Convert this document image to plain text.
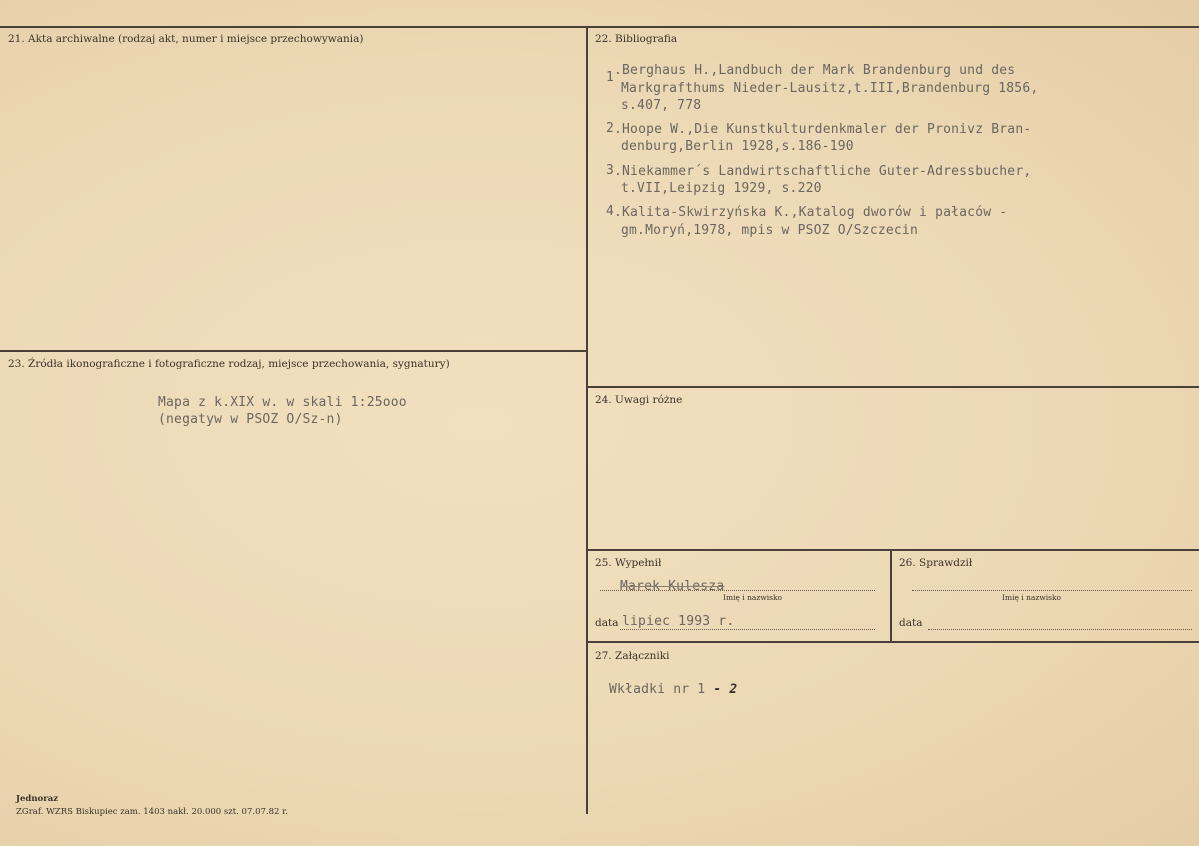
21. Akta archiwalne (rodzaj akt, numer i miejsce przechowywania)	22. Bibliografia
1 .Berghaus H.,Landbuch der Mark Brandenburg und des
Markgrafthums Nieder-Lausitz,t.III,Brandenburg 1856,
s.407, 778
2 .Hoope W.,Die Kunstkulturdenkmaler der Pronivz Bran-
denburg,Berlin 1928,s.186-190
3 .Niekammer´s Landwirtschaftliche Guter-Adressbucher,
t.VII,Leipzig 1929, s.220
4 .Kalita-Skwirzyńska K.,Katalog dworów i pałaców -
gm.Moryń,1978, mpis w PSOZ O/Szczecin
23. Źródła ikonograficzne i fotograficzne rodzaj, miejsce przechowania, sygnatury)
Mapa z k.XIX w. w skali 1:25ooo
(negatyw w PSOZ O/Sz-n)
24. Uwagi różne
25. Wypełnił
Marek Kulesza
Imię i nazwisko
data lipiec 1993 r.
26. Sprawdził
Imię i nazwisko
data
27. Załączniki
Wkładki nr 1 - 2
Jednoraz
ZGraf. WZRS Biskupiec zam. 1403 nakł. 20.000 szt. 07.07.82 r.
